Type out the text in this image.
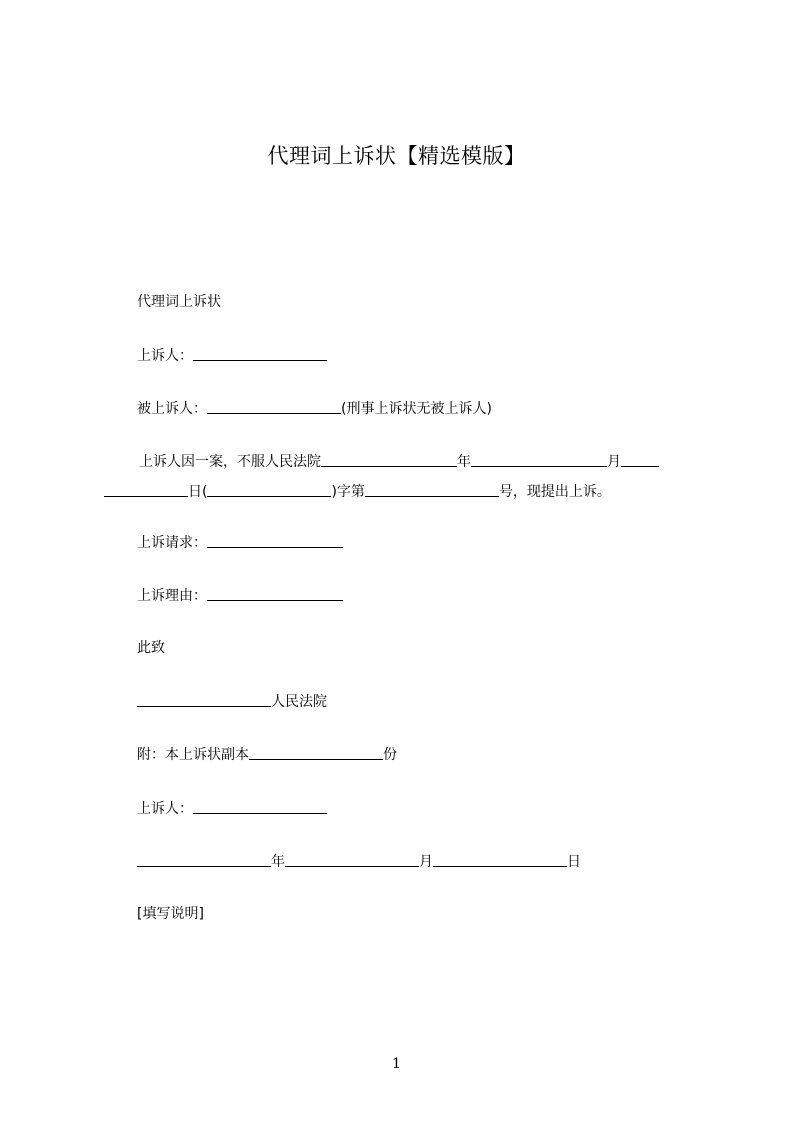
代理词上诉状【精选模版】
代理词上诉状
上诉人：
被上诉人：	(刑事上诉状无被上诉人)
上诉人因一案，不服人民法院	年	月
日(	)字第	号，现提出上诉。
上诉请求：
上诉理由：
此致
人民法院
附：本上诉状副本	份
上诉人：
年	月	日
[填写说明]
1
